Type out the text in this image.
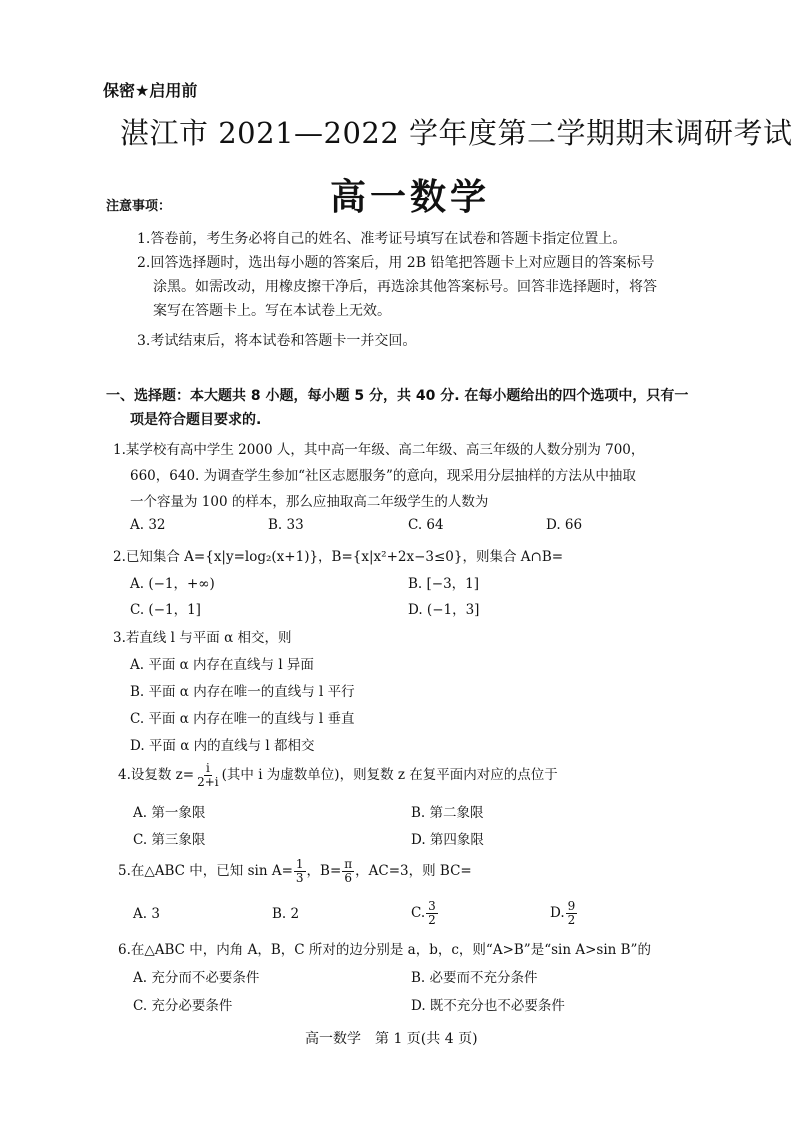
保密★启用前
湛江市 2021—2022 学年度第二学期期末调研考试
注意事项：	高一数学
1.答卷前，考生务必将自己的姓名、准考证号填写在试卷和答题卡指定位置上。
2.回答选择题时，选出每小题的答案后，用 2B 铅笔把答题卡上对应题目的答案标号
涂黑。如需改动，用橡皮擦干净后，再选涂其他答案标号。回答非选择题时，将答
案写在答题卡上。写在本试卷上无效。
3.考试结束后，将本试卷和答题卡一并交回。
一、选择题：本大题共 8 小题，每小题 5 分，共 40 分. 在每小题给出的四个选项中，只有一
项是符合题目要求的.
1.某学校有高中学生 2000 人，其中高一年级、高二年级、高三年级的人数分别为 700，
660，640. 为调查学生参加“社区志愿服务”的意向，现采用分层抽样的方法从中抽取
一个容量为 100 的样本，那么应抽取高二年级学生的人数为
A. 32	B. 33	C. 64	D. 66
2.已知集合 A={x|y=log₂(x+1)}，B={x|x²+2x−3≤0}，则集合 A∩B=
A. (−1，+∞)	B. [−3，1]
C. (−1，1]	D. (−1，3]
3.若直线 l 与平面 α 相交，则
A. 平面 α 内存在直线与 l 异面
B. 平面 α 内存在唯一的直线与 l 平行
C. 平面 α 内存在唯一的直线与 l 垂直
D. 平面 α 内的直线与 l 都相交
4.设复数 $z= \frac{i}{2+i}$ (其中 i 为虚数单位)，则复数 z 在复平面内对应的点位于
A. 第一象限	B. 第二象限
C. 第三象限	D. 第四象限
5.在△ABC 中，已知 $\sin A= \frac{1}{3}$ ，$B= \frac{\pi}{6}$ ，AC=3，则 BC=
A. 3	B. 2	C. $\frac{3}{2}$	D. $\frac{9}{2}$
6.在△ABC 中，内角 A，B，C 所对的边分别是 a，b，c，则“A>B”是“sin A>sin B”的
A. 充分而不必要条件	B. 必要而不充分条件
C. 充分必要条件	D. 既不充分也不必要条件
高一数学　第 1 页(共 4 页)
